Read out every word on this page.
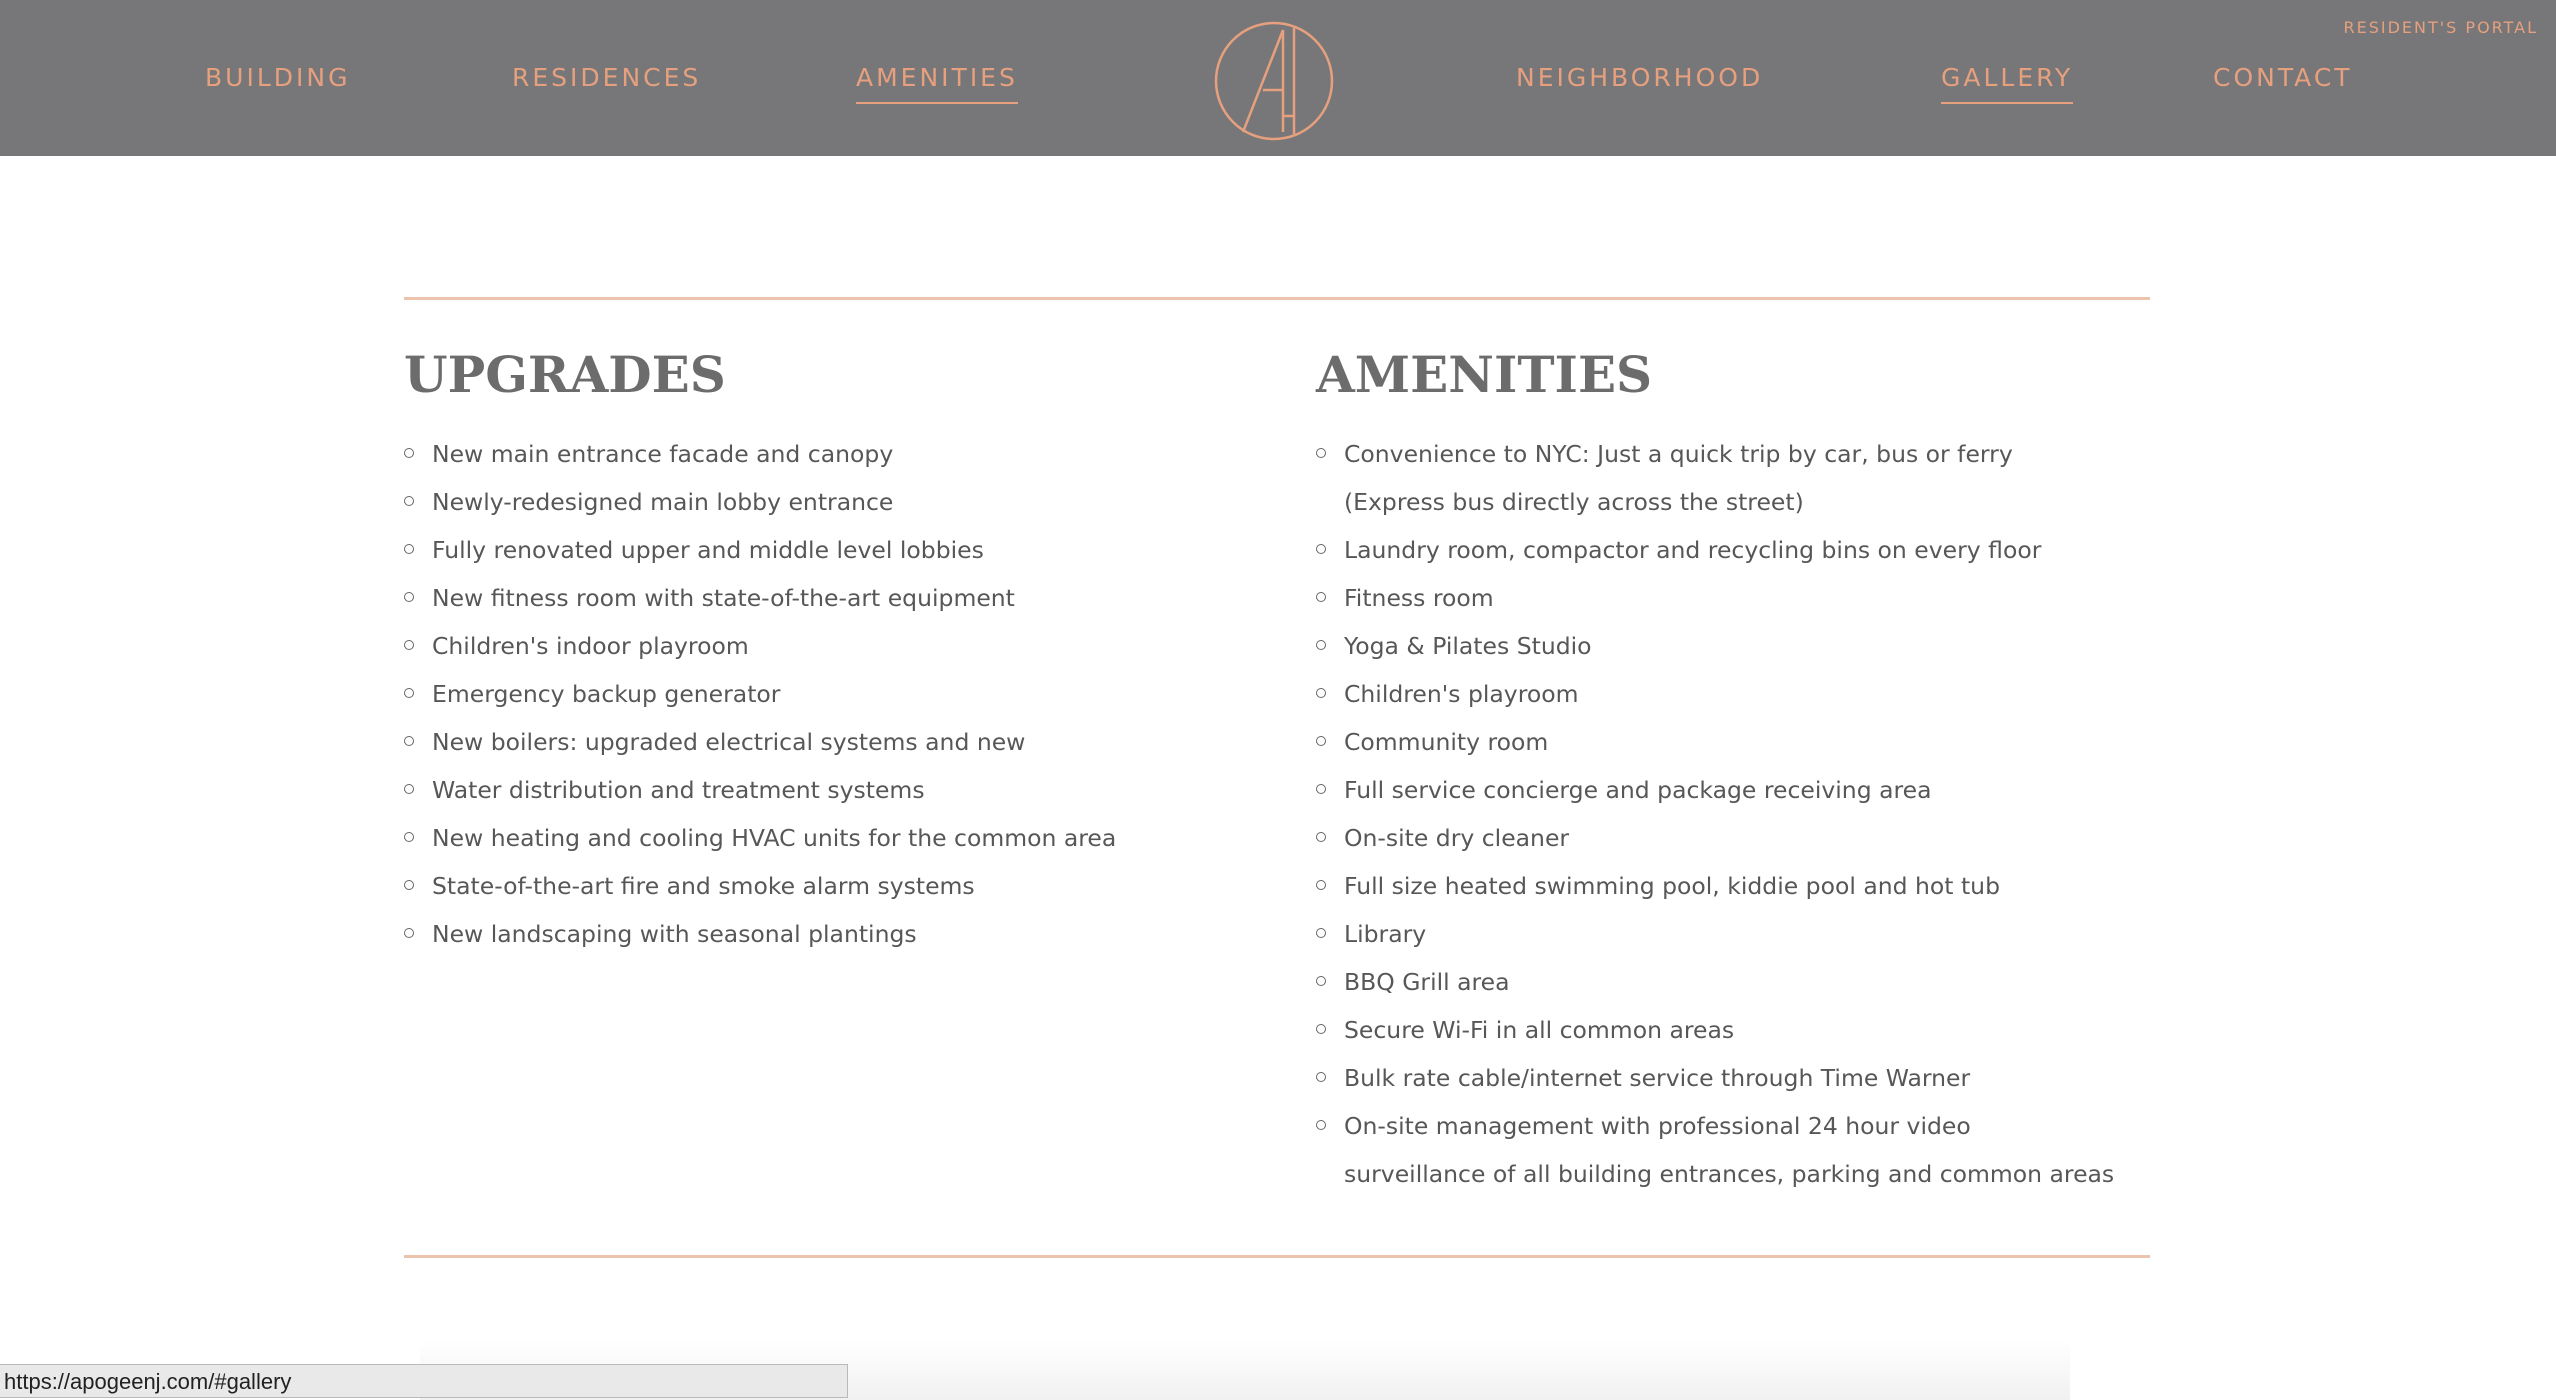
BUILDING	RESIDENCES	AMENITIES	NEIGHBORHOOD	GALLERY	CONTACT
RESIDENT'S PORTAL
UPGRADES
New main entrance facade and canopy
Newly-redesigned main lobby entrance
Fully renovated upper and middle level lobbies
New fitness room with state-of-the-art equipment
Children's indoor playroom
Emergency backup generator
New boilers: upgraded electrical systems and new
Water distribution and treatment systems
New heating and cooling HVAC units for the common area
State-of-the-art fire and smoke alarm systems
New landscaping with seasonal plantings
AMENITIES
Convenience to NYC: Just a quick trip by car, bus or ferry (Express bus directly across the street)
Laundry room, compactor and recycling bins on every floor
Fitness room
Yoga & Pilates Studio
Children's playroom
Community room
Full service concierge and package receiving area
On-site dry cleaner
Full size heated swimming pool, kiddie pool and hot tub
Library
BBQ Grill area
Secure Wi-Fi in all common areas
Bulk rate cable/internet service through Time Warner
On-site management with professional 24 hour video surveillance of all building entrances, parking and common areas
https://apogeenj.com/#gallery
